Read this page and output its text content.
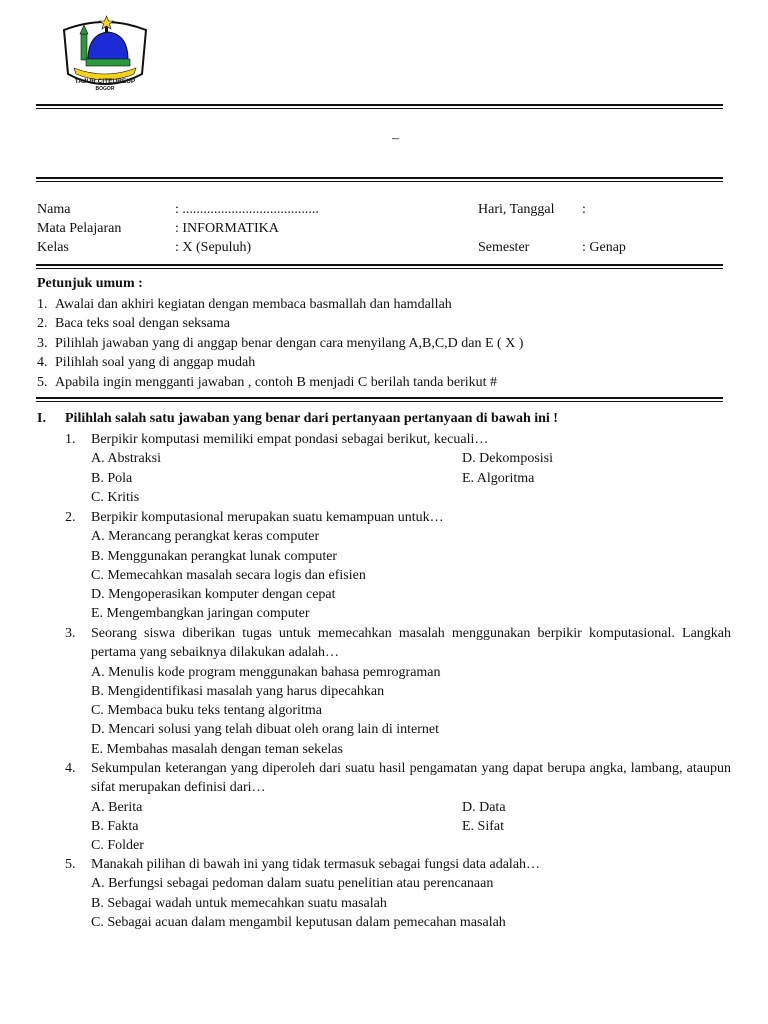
TAJUR CITEUREUP
BOGOR
–
Nama	: .......................................	Hari, Tanggal :
Mata Pelajaran	: INFORMATIKA
Kelas	: X (Sepuluh)	Semester	: Genap
Petunjuk umum :
1. Awalai dan akhiri kegiatan dengan membaca basmallah dan hamdallah
2. Baca teks soal dengan seksama
3. Pilihlah jawaban yang di anggap benar dengan cara menyilang A,B,C,D dan E ( X )
4. Pilihlah soal yang di anggap mudah
5. Apabila ingin mengganti jawaban , contoh B menjadi C berilah tanda berikut #
I. Pilihlah salah satu jawaban yang benar dari pertanyaan pertanyaan di bawah ini !
1. Berpikir komputasi memiliki empat pondasi sebagai berikut, kecuali…
A. Abstraksi	D. Dekomposisi
B. Pola	E. Algoritma
C. Kritis
2. Berpikir komputasional merupakan suatu kemampuan untuk…
A. Merancang perangkat keras computer
B. Menggunakan perangkat lunak computer
C. Memecahkan masalah secara logis dan efisien
D. Mengoperasikan komputer dengan cepat
E. Mengembangkan jaringan computer
3. Seorang siswa diberikan tugas untuk memecahkan masalah menggunakan berpikir komputasional. Langkah pertama yang sebaiknya dilakukan adalah…
A. Menulis kode program menggunakan bahasa pemrograman
B. Mengidentifikasi masalah yang harus dipecahkan
C. Membaca buku teks tentang algoritma
D. Mencari solusi yang telah dibuat oleh orang lain di internet
E. Membahas masalah dengan teman sekelas
4. Sekumpulan keterangan yang diperoleh dari suatu hasil pengamatan yang dapat berupa angka, lambang, ataupun sifat merupakan definisi dari…
A. Berita	D. Data
B. Fakta	E. Sifat
C. Folder
5. Manakah pilihan di bawah ini yang tidak termasuk sebagai fungsi data adalah…
A. Berfungsi sebagai pedoman dalam suatu penelitian atau perencanaan
B. Sebagai wadah untuk memecahkan suatu masalah
C. Sebagai acuan dalam mengambil keputusan dalam pemecahan masalah
